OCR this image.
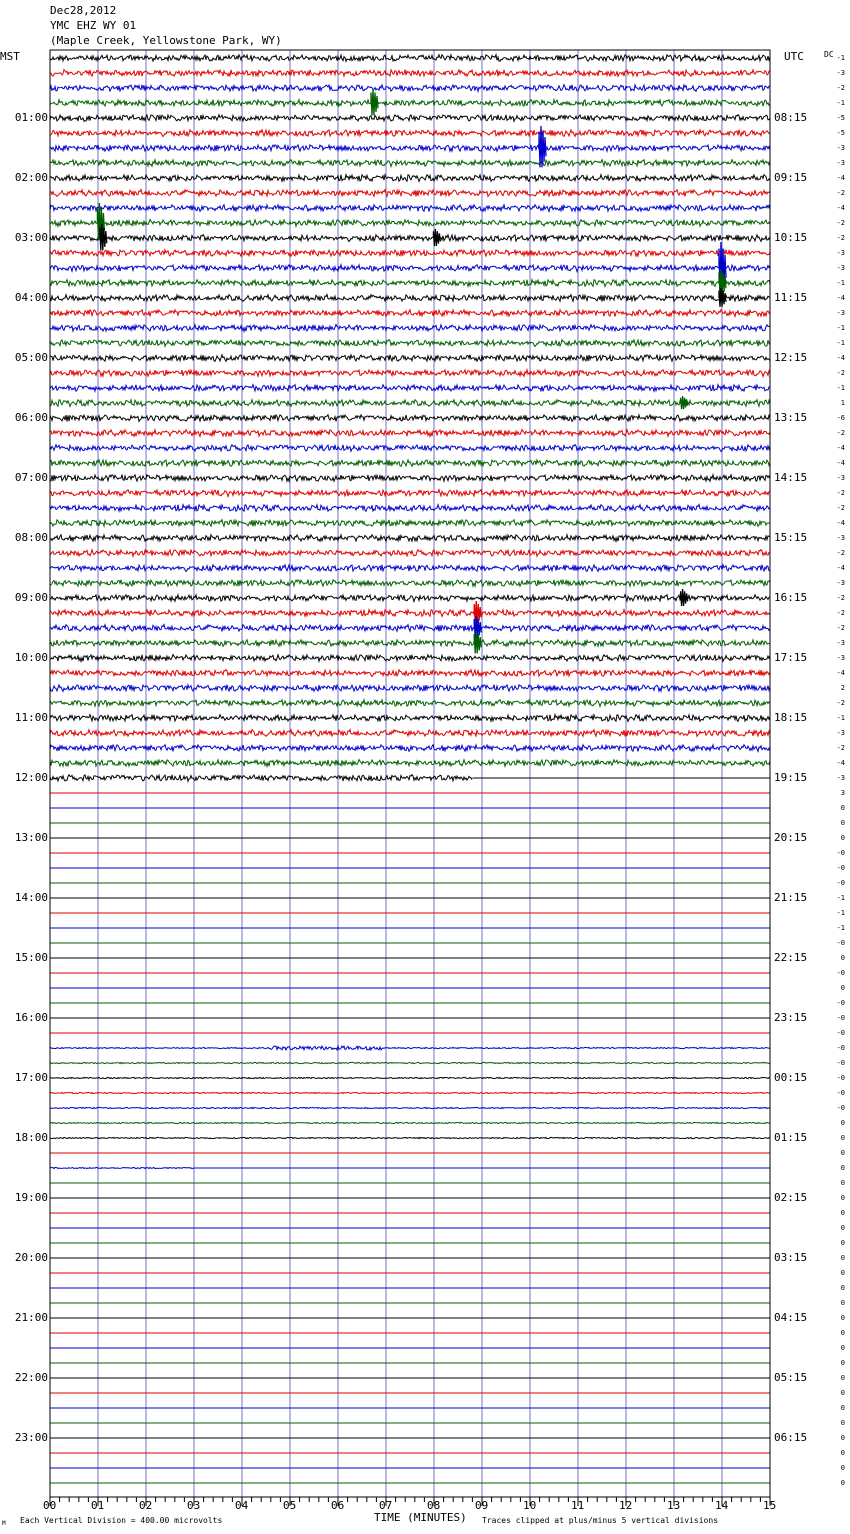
Dec28,2012
YMC EHZ WY 01
(Maple Creek, Yellowstone Park, WY)
MST	UTC	DC
01:00
02:00
03:00
04:00
05:00
06:00
07:00
08:00
09:00
10:00
11:00
12:00
13:00
14:00
15:00
16:00
17:00
18:00
19:00
20:00
21:00
22:00
23:00
08:15
09:15
10:15
11:15
12:15
13:15
14:15
15:15
16:15
17:15
18:15
19:15
20:15
21:15
22:15
23:15
00:15
01:15
02:15
03:15
04:15
05:15
06:15
-1
-3
-2
-1
-5
-5
-3
-3
-4
-2
-4
-2
-2
-3
-3
-1
-4
-3
-1
-1
-4
-2
-1
1
-6
-2
-4
-4
-3
-2
-2
-4
-3
-2
-4
-3
-2
-2
-2
-3
-3
-4
2
-2
-1
-3
-2
-4
-3
3
0
0
0
-0
-0
-0
-1
-1
-1
-0
0
-0
0
-0
-0
-0
-0
-0
-0
-0
-0
0
0
0
0
0
0
0
0
0
0
0
0
0
0
0
0
0
0
0
0
0
0
0
0
0
00	01	02	03	04	05	06	07	08	09	10	11	12	13	14	15
Each Vertical Division = 400.00 microvolts	TIME (MINUTES) Traces clipped at plus/minus 5 vertical divisions
M
